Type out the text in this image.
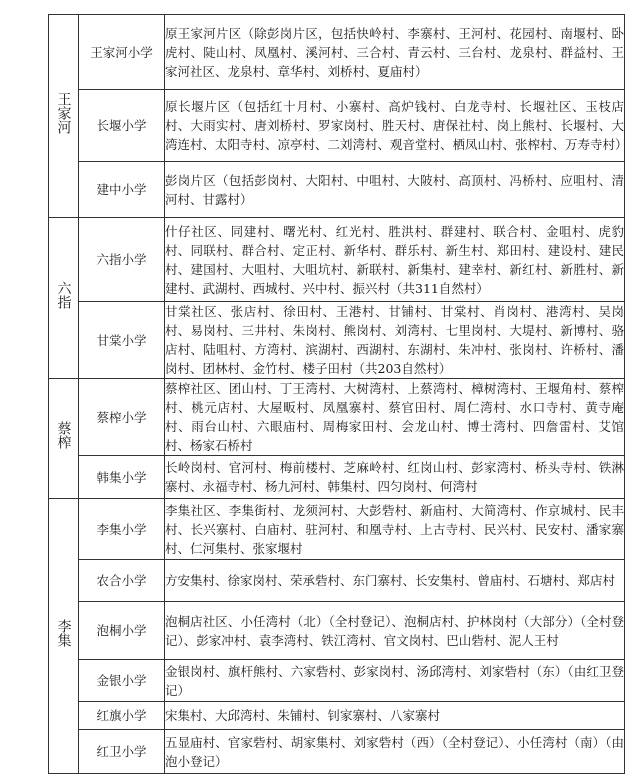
王家河	王家河小学	原王家河片区（除彭岗片区，包括快岭村、李寨村、王河村、花园村、南堰村、卧虎村、陡山村、凤凰村、溪河村、三合村、青云村、三台村、龙泉村、群益村、王家河社区、龙泉村、章华村、刘桥村、夏庙村）
	长堰小学	原长堰片区（包括红十月村、小寨村、高炉钱村、白龙寺村、长堰社区、玉枝店村、大雨实村、唐刘桥村、罗家岗村、胜天村、唐保社村、岗上熊村、长堰村、大湾连村、太阳寺村、凉亭村、二刘湾村、观音堂村、栖凤山村、张榨村、万寿寺村）
	建中小学	彭岗片区（包括彭岗村、大阳村、中咀村、大陂村、高顶村、冯桥村、应咀村、清河村、甘露村）
六指	六指小学	什仔社区、同建村、曙光村、红光村、胜洪村、群建村、联合村、金咀村、虎豹村、同联村、群合村、定正村、新华村、群乐村、新生村、郑田村、建设村、建民村、建国村、大咀村、大咀坑村、新联村、新集村、建幸村、新红村、新胜村、新建村、武湖村、西城村、兴中村、振兴村（共311自然村）
	甘棠小学	甘棠社区、张店村、徐田村、王港村、甘铺村、甘棠村、肖岗村、港湾村、吴岗村、易岗村、三井村、朱岗村、熊岗村、刘湾村、七里岗村、大堤村、新博村、骆店村、陆咀村、方湾村、滨湖村、西湖村、东湖村、朱冲村、张岗村、许桥村、潘岗村、团林村、金竹村、楼子田村（共203自然村）
蔡榨	蔡榨小学	蔡榨社区、团山村、丁王湾村、大树湾村、上蔡湾村、樟树湾村、王堰角村、蔡榨村、桃元店村、大屋畈村、凤凰寨村、蔡官田村、周仁湾村、水口寺村、黄寺庵村、雨台山村、六眼庙村、周梅家田村、会龙山村、博士湾村、四詹雷村、艾馆村、杨家石桥村
	韩集小学	长岭岗村、官河村、梅前楼村、芝麻岭村、红岗山村、彭家湾村、桥头寺村、铁淋寨村、永福寺村、杨九河村、韩集村、四匀岗村、何湾村
李集	李集小学	李集社区、李集街村、龙须河村、大彭砦村、新庙村、大简湾村、作京城村、民丰村、长兴寨村、白庙村、驻河村、和凰寺村、上古寺村、民兴村、民安村、潘家寨村、仁河集村、张家堰村
	农合小学	方安集村、徐家岗村、荣承砦村、东门寨村、长安集村、曾庙村、石塘村、郑店村
	泡桐小学	泡桐店社区、小任湾村（北）（全村登记）、泡桐店村、护林岗村（大部分）（全村登记）、彭家冲村、袁李湾村、铁江湾村、官文岗村、巴山砦村、泥人王村
	金银小学	金银岗村、旗杆熊村、六家砦村、彭家岗村、汤邱湾村、刘家砦村（东）（由红卫登记）
	红旗小学	宋集村、大邱湾村、朱铺村、钊家寨村、八家寨村
	红卫小学	五显庙村、官家砦村、胡家集村、刘家砦村（西）（全村登记）、小任湾村（南）（由泡小登记）
